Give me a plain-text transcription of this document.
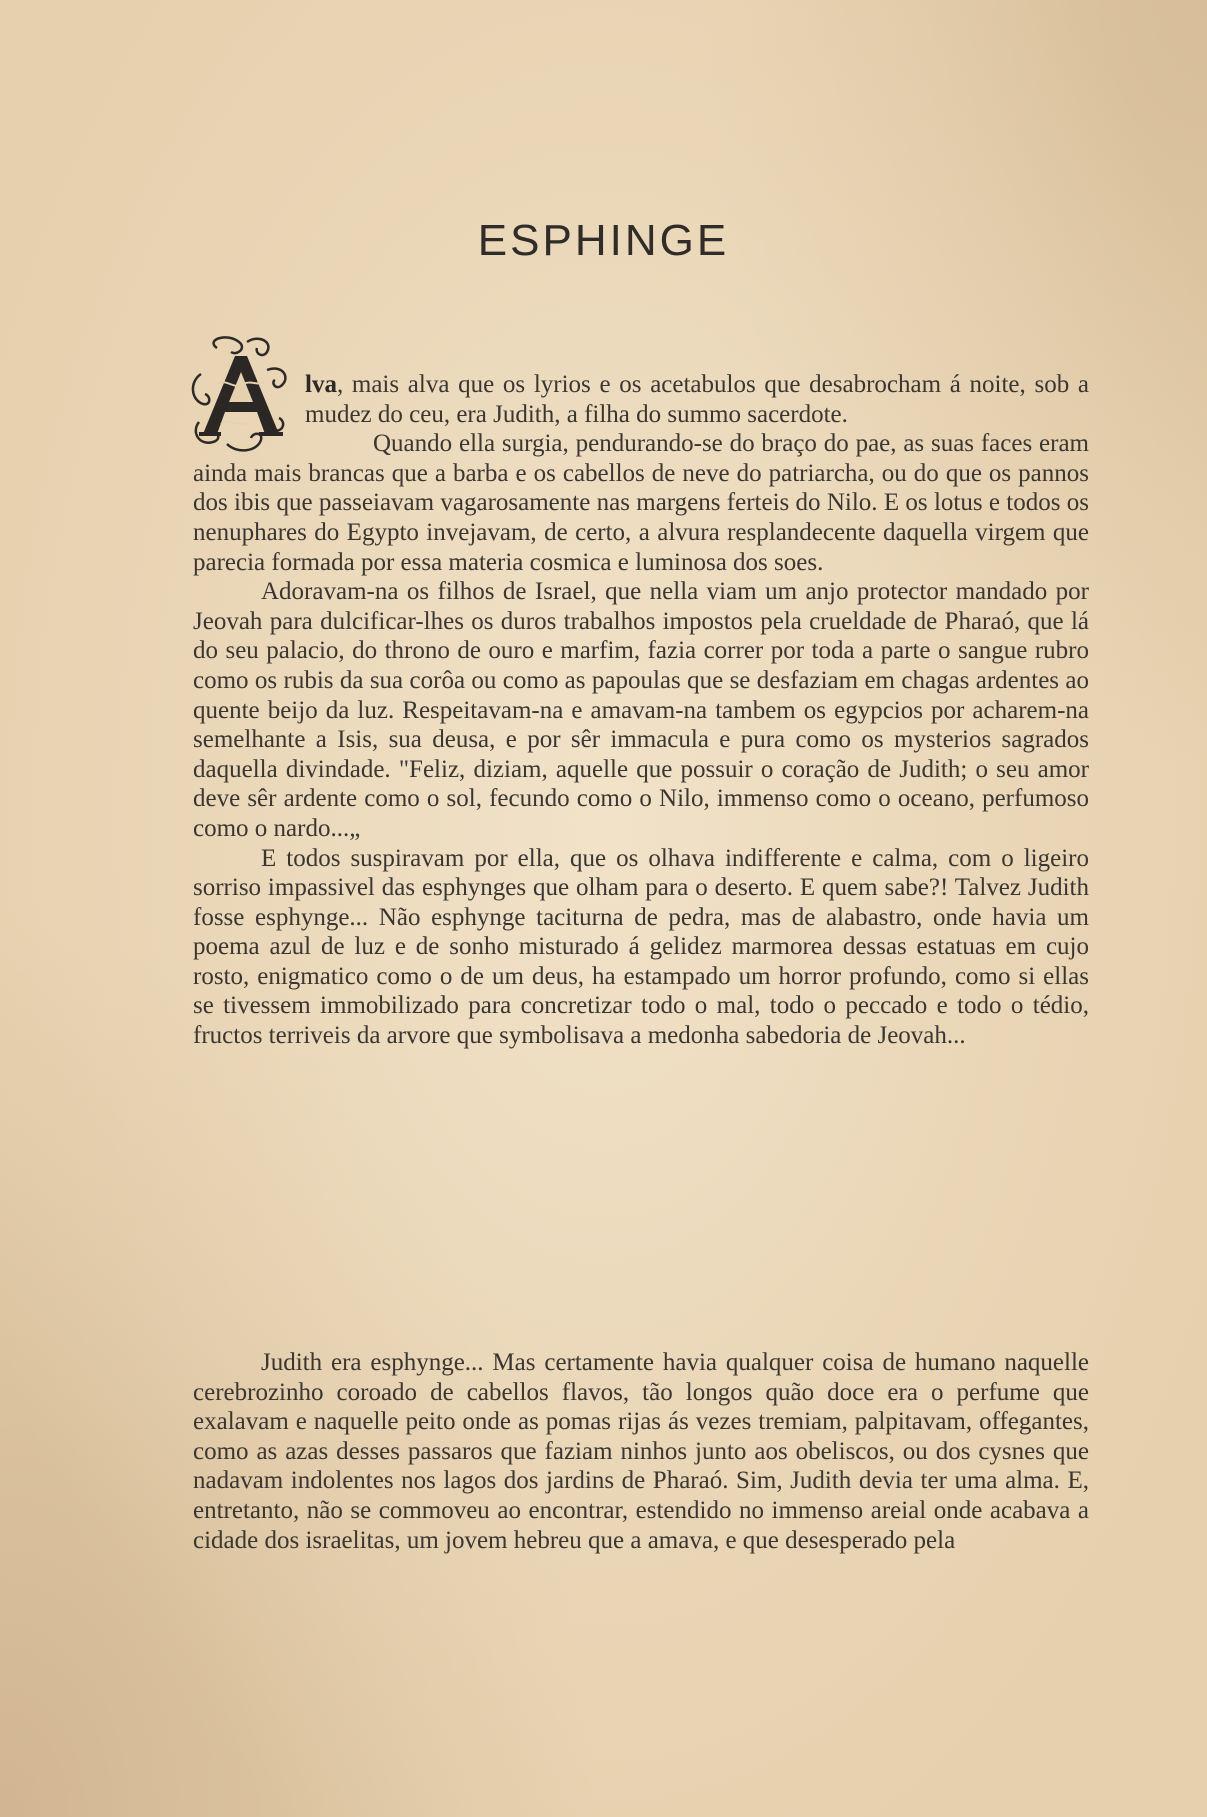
ESPHINGE

lva, mais alva que os lyrios e os acetabulos que desabrocham á noite, sob a mudez do ceu, era Judith, a filha do summo sacerdote.

Quando ella surgia, pendurando-se do braço do pae, as suas faces eram ainda mais brancas que a barba e os cabellos de neve do patriarcha, ou do que os pannos dos ibis que passeiavam vagarosamente nas margens ferteis do Nilo. E os lotus e todos os nenuphares do Egypto invejavam, de certo, a alvura resplandecente daquella virgem que parecia formada por essa materia cosmica e luminosa dos soes.

Adoravam-na os filhos de Israel, que nella viam um anjo protector mandado por Jeovah para dulcificar-lhes os duros trabalhos impostos pela crueldade de Pharaó, que lá do seu palacio, do throno de ouro e marfim, fazia correr por toda a parte o sangue rubro como os rubis da sua corôa ou como as papoulas que se desfaziam em chagas ardentes ao quente beijo da luz. Respeitavam-na e amavam-na tambem os egypcios por acharem-na semelhante a Isis, sua deusa, e por sêr immacula e pura como os mysterios sagrados daquella divindade. "Feliz, diziam, aquelle que possuir o coração de Judith; o seu amor deve sêr ardente como o sol, fecundo como o Nilo, immenso como o oceano, perfumoso como o nardo...„

E todos suspiravam por ella, que os olhava indifferente e calma, com o ligeiro sorriso impassivel das esphynges que olham para o deserto. E quem sabe?! Talvez Judith fosse esphynge... Não esphynge taciturna de pedra, mas de alabastro, onde havia um poema azul de luz e de sonho misturado á gelidez marmorea dessas estatuas em cujo rosto, enigmatico como o de um deus, ha estampado um horror profundo, como si ellas se tivessem immobilizado para concretizar todo o mal, todo o peccado e todo o tédio, fructos terriveis da arvore que symbolisava a medonha sabedoria de Jeovah...

Judith era esphynge... Mas certamente havia qualquer coisa de humano naquelle cerebrozinho coroado de cabellos flavos, tão longos quão doce era o perfume que exalavam e naquelle peito onde as pomas rijas ás vezes tremiam, palpitavam, offegantes, como as azas desses passaros que faziam ninhos junto aos obeliscos, ou dos cysnes que nadavam indolentes nos lagos dos jardins de Pharaó. Sim, Judith devia ter uma alma. E, entretanto, não se commoveu ao encontrar, estendido no immenso areial onde acabava a cidade dos israelitas, um jovem hebreu que a amava, e que desesperado pela
